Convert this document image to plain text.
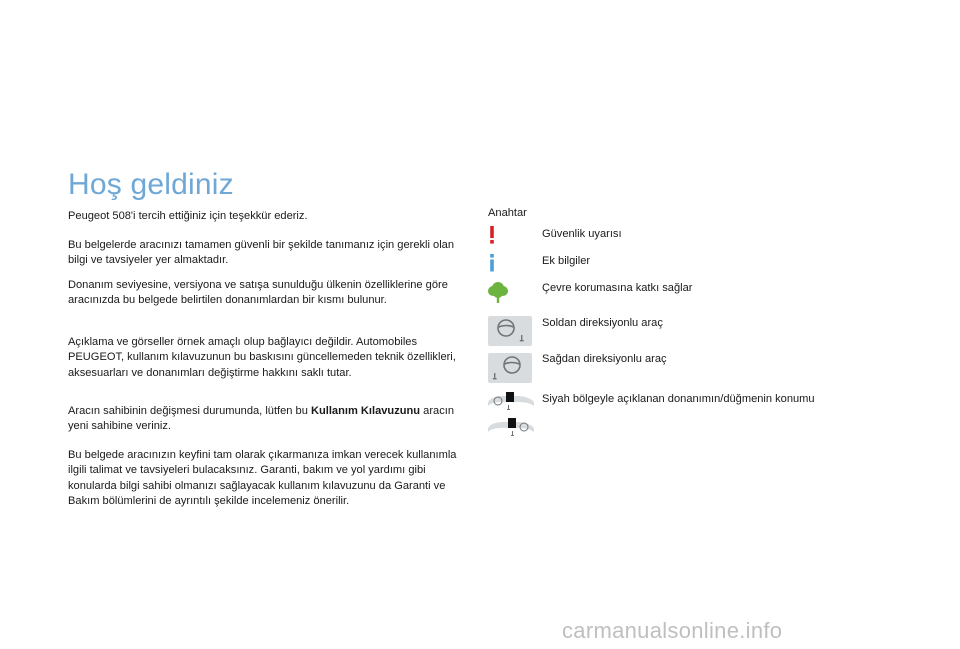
Hoş geldiniz

Peugeot 508'i tercih ettiğiniz için teşekkür ederiz.

Bu belgelerde aracınızı tamamen güvenli bir şekilde tanımanız için gerekli olan bilgi ve tavsiyeler yer almaktadır.

Donanım seviyesine, versiyona ve satışa sunulduğu ülkenin özelliklerine göre aracınızda bu belgede belirtilen donanımlardan bir kısmı bulunur.

Açıklama ve görseller örnek amaçlı olup bağlayıcı değildir. Automobiles PEUGEOT, kullanım kılavuzunun bu baskısını güncellemeden teknik özellikleri, aksesuarları ve donanımları değiştirme hakkını saklı tutar.

Aracın sahibinin değişmesi durumunda, lütfen bu Kullanım Kılavuzunu aracın yeni sahibine veriniz.

Bu belgede aracınızın keyfini tam olarak çıkarmanıza imkan verecek kullanımla ilgili talimat ve tavsiyeleri bulacaksınız. Garanti, bakım ve yol yardımı gibi konularda bilgi sahibi olmanızı sağlayacak kullanım kılavuzunu da Garanti ve Bakım bölümlerini de ayrıntılı şekilde incelemeniz önerilir.

Anahtar
Güvenlik uyarısı
Ek bilgiler
Çevre korumasına katkı sağlar
Soldan direksiyonlu araç
Sağdan direksiyonlu araç
Siyah bölgeyle açıklanan donanımın/düğmenin konumu
carmanualsonline.info
